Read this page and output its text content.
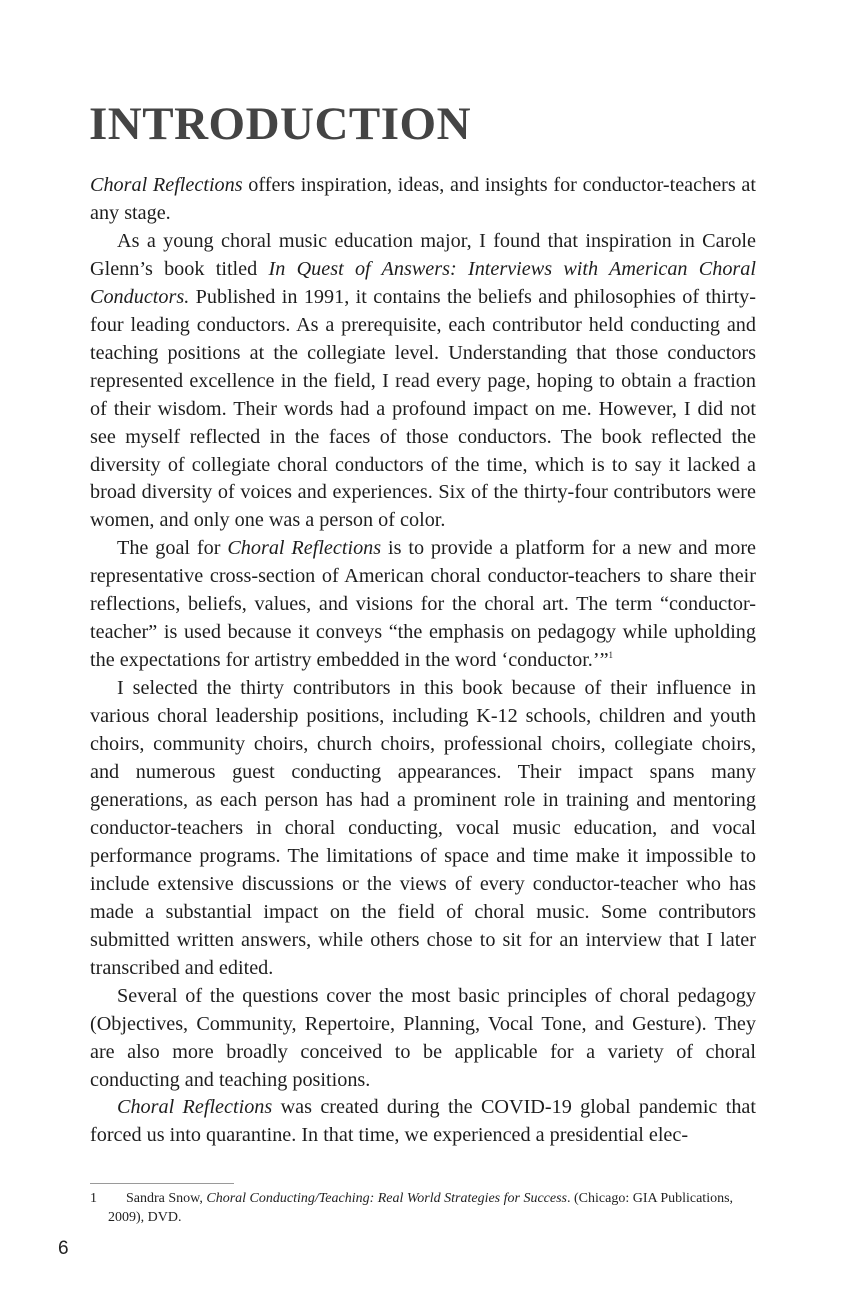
INTRODUCTION

Choral Reflections offers inspiration, ideas, and insights for conductor-teachers at any stage.

As a young choral music education major, I found that inspiration in Carole Glenn’s book titled In Quest of Answers: Interviews with American Choral Conductors. Published in 1991, it contains the beliefs and philosophies of thirty-four leading conductors. As a prerequisite, each contributor held conducting and teaching positions at the collegiate level. Understanding that those conductors represented excellence in the field, I read every page, hoping to obtain a fraction of their wisdom. Their words had a profound impact on me. However, I did not see myself reflected in the faces of those conductors. The book reflected the diversity of collegiate choral conductors of the time, which is to say it lacked a broad diversity of voices and experiences. Six of the thirty-four contributors were women, and only one was a person of color.

The goal for Choral Reflections is to provide a platform for a new and more representative cross-section of American choral conductor-teachers to share their reflections, beliefs, values, and visions for the choral art. The term “conductor-teacher” is used because it conveys “the emphasis on pedagogy while upholding the expectations for artistry embedded in the word ‘conductor.’”$^1$

I selected the thirty contributors in this book because of their influence in various choral leadership positions, including K-12 schools, children and youth choirs, community choirs, church choirs, professional choirs, collegiate choirs, and numerous guest conducting appearances. Their impact spans many generations, as each person has had a prominent role in training and mentoring conductor-teachers in choral conducting, vocal music education, and vocal performance programs. The limitations of space and time make it impossible to include extensive discussions or the views of every conductor-teacher who has made a substantial impact on the field of choral music. Some contributors submitted written answers, while others chose to sit for an interview that I later transcribed and edited.

Several of the questions cover the most basic principles of choral pedagogy (Objectives, Community, Repertoire, Planning, Vocal Tone, and Gesture). They are also more broadly conceived to be applicable for a variety of choral conducting and teaching positions.

Choral Reflections was created during the COVID-19 global pandemic that forced us into quarantine. In that time, we experienced a presidential elec-

1	Sandra Snow, Choral Conducting/Teaching: Real World Strategies for Success. (Chicago: GIA Publications, 2009), DVD.
6
